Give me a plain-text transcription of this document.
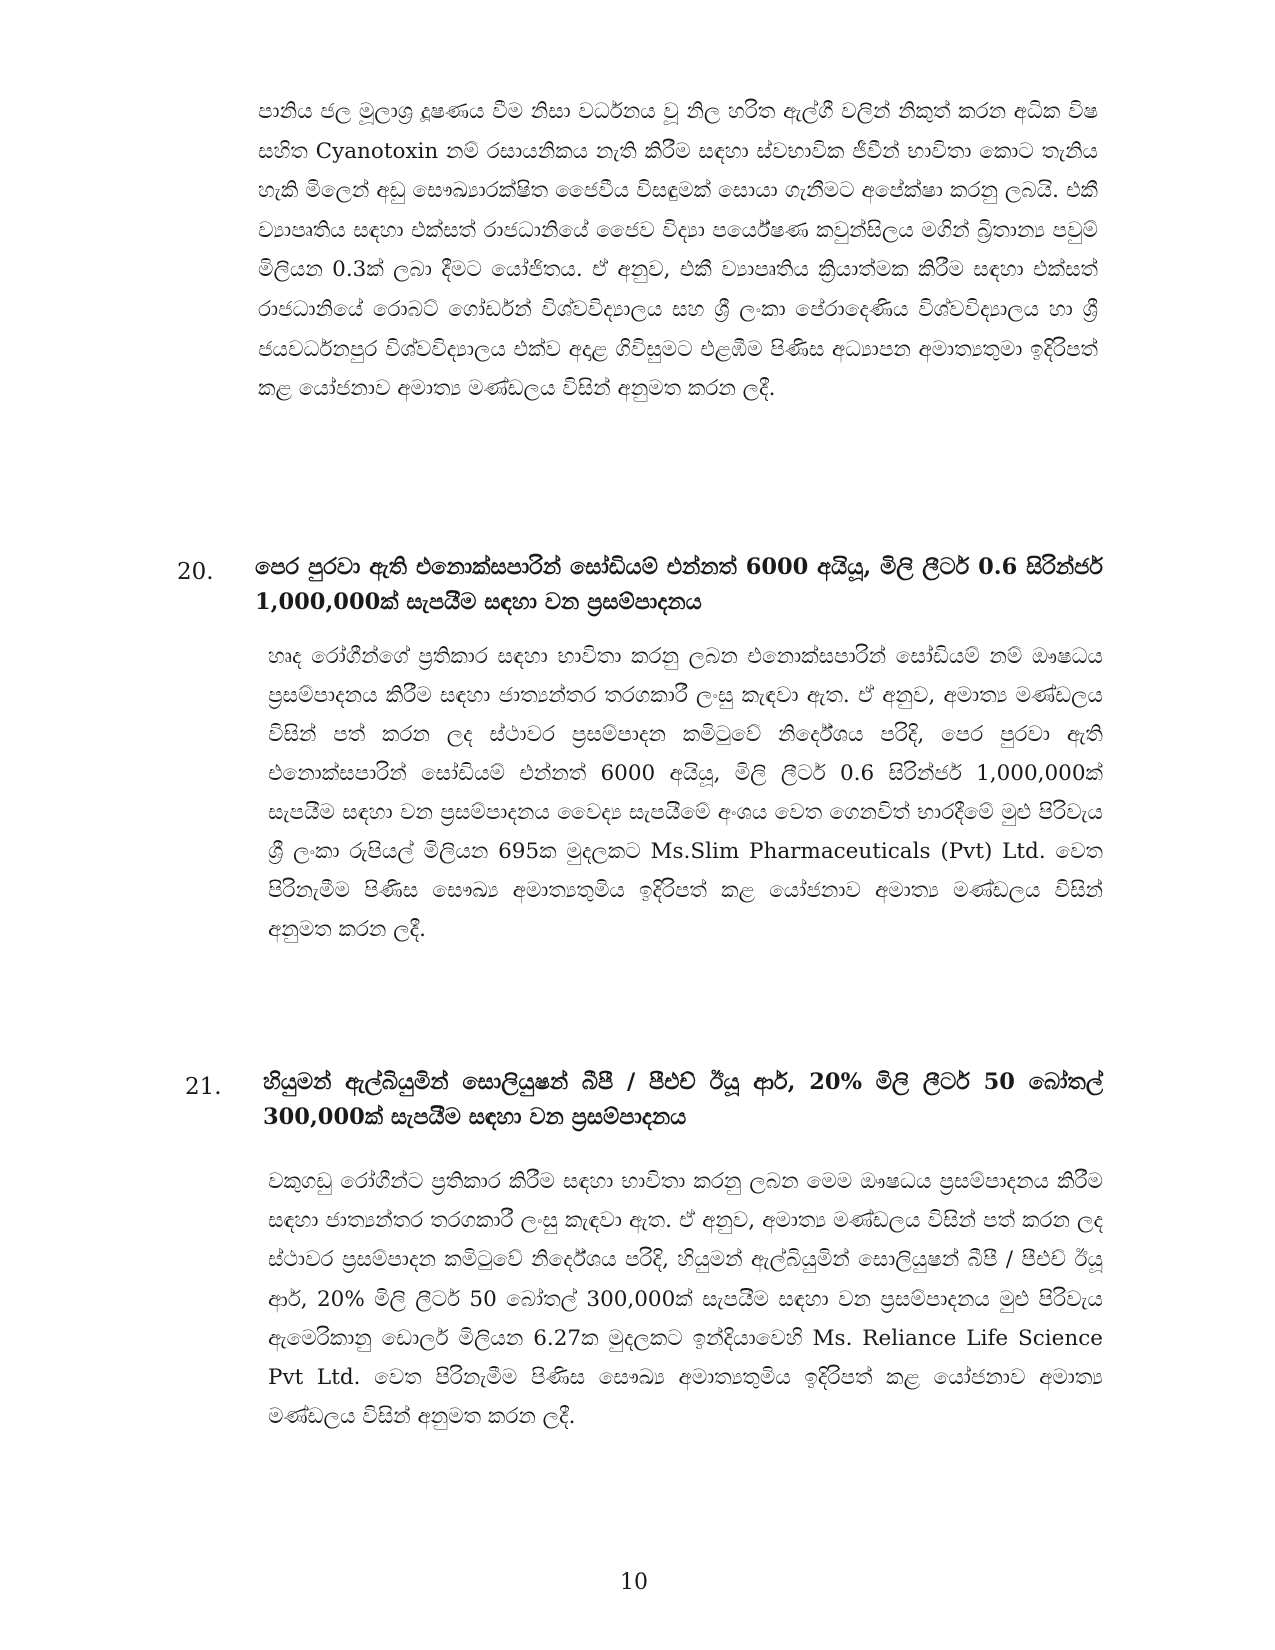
පානිය ජල මූලාශ්‍ර දූෂණය වීම නිසා වර්ධනය වූ නිල හරිත ඇල්ගී වලින් නිකුත් කරන අධික විෂ සහිත Cyanotoxin නම් රසායනිකය නැති කිරීම සඳහා ස්වභාවික ජීවීන් භාවිතා කොට තැනිය හැකි මිලෙන් අඩු සෞඛ්‍යාරක්ෂිත ජෛවීය විසඳුමක් සොයා ගැනීමට අපේක්ෂා කරනු ලබයි. එකී ව්‍යාපෘතිය සඳහා එක්සත් රාජධානියේ ජෛව විද්‍යා පර්යේෂණ කවුන්සිලය මගින් බ්‍රිතාන්‍ය පවුම් මිලියන 0.3ක් ලබා දීමට යෝජිතය. ඒ අනුව, එකී ව්‍යාපෘතිය ක්‍රියාත්මක කිරීම සඳහා එක්සත් රාජධානියේ රොබට් ගෝර්ඩන් විශ්වවිද්‍යාලය සහ ශ්‍රී ලංකා පේරාදෙණිය විශ්වවිද්‍යාලය හා ශ්‍රී ජයවර්ධනපුර විශ්වවිද්‍යාලය එක්ව අදාළ ගිවිසුමට එළඹීම පිණිස අධ්‍යාපන අමාත්‍යතුමා ඉදිරිපත් කළ යෝජනාව අමාත්‍ය මණ්ඩලය විසින් අනුමත කරන ලදී.

20. පෙර පුරවා ඇති එනොක්සපාරින් සෝඩියම් එන්නත් 6000 අයියූ, මිලි ලීටර් 0.6 සිරින්ජර් 1,000,000ක් සැපයීම සඳහා වන ප්‍රසම්පාදනය

හෘද රෝගීන්ගේ ප්‍රතිකාර සඳහා භාවිතා කරනු ලබන එනොක්සපාරින් සෝඩියම් නම් ඖෂධය ප්‍රසම්පාදනය කිරීම සඳහා ජාත්‍යන්තර තරගකාරී ලංසු කැඳවා ඇත. ඒ අනුව, අමාත්‍ය මණ්ඩලය විසින් පත් කරන ලද ස්ථාවර ප්‍රසම්පාදන කමිටුවේ නිර්දේශය පරිදි, පෙර පුරවා ඇති එනොක්සපාරින් සෝඩියම් එන්නත් 6000 අයියූ, මිලි ලීටර් 0.6 සිරින්ජර් 1,000,000ක් සැපයීම සඳහා වන ප්‍රසම්පාදනය වෛද්‍ය සැපයීමේ අංශය වෙත ගෙනවිත් භාරදීමේ මුළු පිරිවැය ශ්‍රී ලංකා රුපියල් මිලියන 695ක මුදලකට Ms.Slim Pharmaceuticals (Pvt) Ltd. වෙත පිරිනැමීම පිණිස සෞඛ්‍ය අමාත්‍යතුමිය ඉදිරිපත් කළ යෝජනාව අමාත්‍ය මණ්ඩලය විසින් අනුමත කරන ලදී.

21. හියුමන් ඇල්බියුමින් සොලියුෂන් බීපී / පීඑච් ඊයූ ආර්, 20% මිලි ලීටර් 50 බෝතල් 300,000ක් සැපයීම සඳහා වන ප්‍රසම්පාදනය

වකුගඩු රෝගීන්ට ප්‍රතිකාර කිරීම සඳහා භාවිතා කරනු ලබන මෙම ඖෂධය ප්‍රසම්පාදනය කිරීම සඳහා ජාත්‍යන්තර තරගකාරී ලංසු කැඳවා ඇත. ඒ අනුව, අමාත්‍ය මණ්ඩලය විසින් පත් කරන ලද ස්ථාවර ප්‍රසම්පාදන කමිටුවේ නිර්දේශය පරිදි, හියුමන් ඇල්බියුමින් සොලියුෂන් බීපී / පීඑච් ඊයූ ආර්, 20% මිලි ලීටර් 50 බෝතල් 300,000ක් සැපයීම සඳහා වන ප්‍රසම්පාදනය මුළු පිරිවැය ඇමෙරිකානු ඩොලර් මිලියන 6.27ක මුදලකට ඉන්දියාවෙහි Ms. Reliance Life Science Pvt Ltd. වෙත පිරිනැමීම පිණිස සෞඛ්‍ය අමාත්‍යතුමිය ඉදිරිපත් කළ යෝජනාව අමාත්‍ය මණ්ඩලය විසින් අනුමත කරන ලදී.

10
